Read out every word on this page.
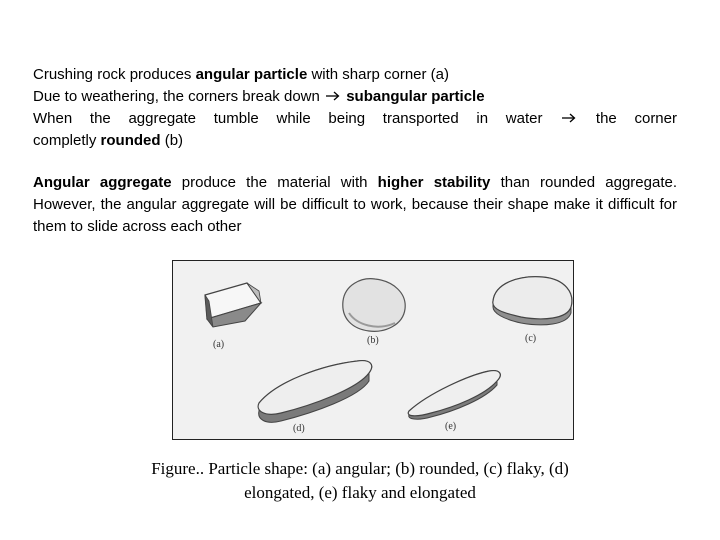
Crushing rock produces angular particle with sharp corner (a)
Due to weathering, the corners break down subangular particle
When the aggregate tumble while being transported in water	the corner
completly rounded (b)
Angular aggregate produce the material with higher stability than rounded aggregate. However, the angular aggregate will be difficult to work, because their shape make it difficult for them to slide across each other
(a)	(b)	(c)
(d)	(e)
Figure.. Particle shape: (a) angular; (b) rounded, (c) flaky, (d)
elongated, (e) flaky and elongated
